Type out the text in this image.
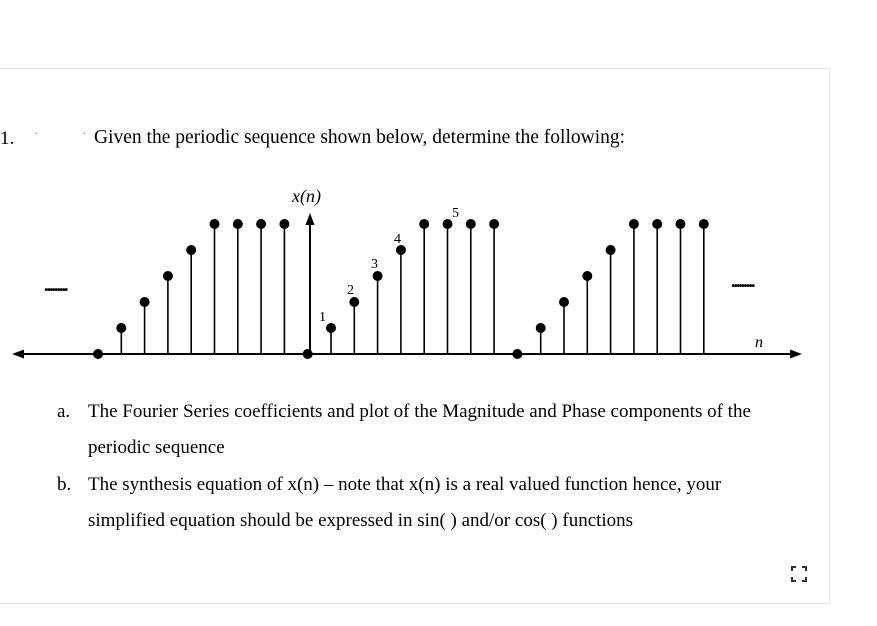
1. · ·
Given the periodic sequence shown below, determine the following:
x(n)
n
.........	.........
1
2
3
4
5
a. The Fourier Series coefficients and plot of the Magnitude and Phase components of the periodic sequence
b. The synthesis equation of x(n) – note that x(n) is a real valued function hence, your simplified equation should be expressed in sin( ) and/or cos( ) functions
